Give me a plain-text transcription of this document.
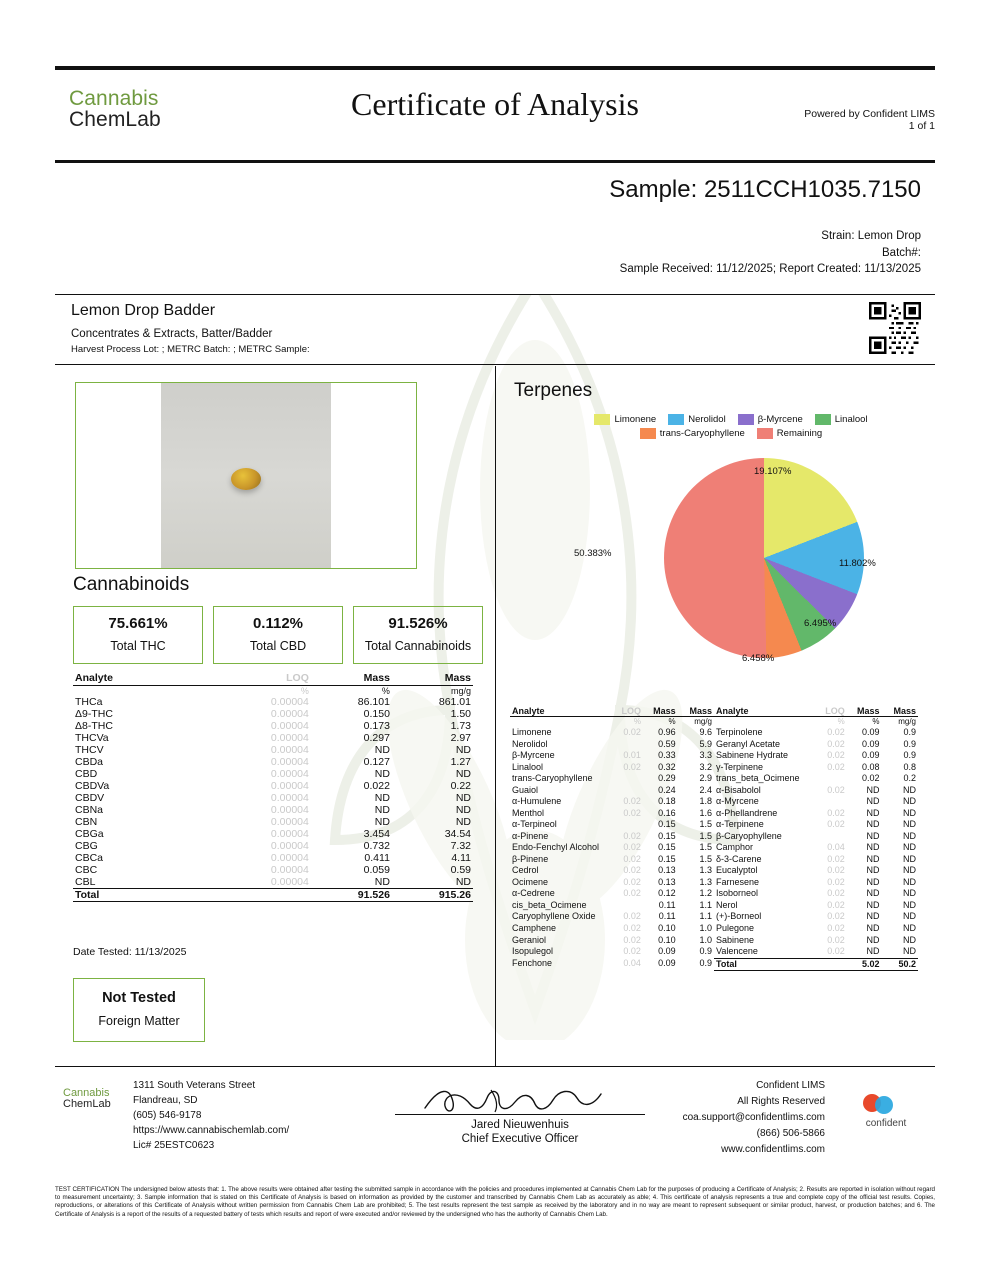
Cannabis
ChemLab	Certificate of Analysis	Powered by Confident LIMS
1 of 1
Sample: 2511CCH1035.7150
Strain: Lemon Drop
Batch#:
Sample Received: 11/12/2025; Report Created: 11/13/2025
Lemon Drop Badder
Concentrates & Extracts, Batter/Badder
Harvest Process Lot: ; METRC Batch: ; METRC Sample:
Cannabinoids
75.661%
Total THC
0.112%
Total CBD
91.526%
Total Cannabinoids
Analyte	LOQ	Mass	Mass
	%	%	mg/g
THCa	0.00004	86.101	861.01
Δ9-THC	0.00004	0.150	1.50
Δ8-THC	0.00004	0.173	1.73
THCVa	0.00004	0.297	2.97
THCV	0.00004	ND	ND
CBDa	0.00004	0.127	1.27
CBD	0.00004	ND	ND
CBDVa	0.00004	0.022	0.22
CBDV	0.00004	ND	ND
CBNa	0.00004	ND	ND
CBN	0.00004	ND	ND
CBGa	0.00004	3.454	34.54
CBG	0.00004	0.732	7.32
CBCa	0.00004	0.411	4.11
CBC	0.00004	0.059	0.59
CBL	0.00004	ND	ND
Total		91.526	915.26
Date Tested: 11/13/2025
Not Tested
Foreign Matter
Terpenes
Limonene	Nerolidol	β-Myrcene	Linalool
trans-Caryophyllene	Remaining
19.107%
11.802%
6.495%
6.458%
50.383%
Analyte	LOQ	Mass	Mass
	%	%	mg/g
Limonene	0.02	0.96	9.6
Nerolidol		0.59	5.9
β-Myrcene	0.01	0.33	3.3
Linalool	0.02	0.32	3.2
trans-Caryophyllene		0.29	2.9
Guaiol		0.24	2.4
α-Humulene	0.02	0.18	1.8
Menthol	0.02	0.16	1.6
α-Terpineol		0.15	1.5
α-Pinene	0.02	0.15	1.5
Endo-Fenchyl Alcohol	0.02	0.15	1.5
β-Pinene	0.02	0.15	1.5
Cedrol	0.02	0.13	1.3
Ocimene	0.02	0.13	1.3
α-Cedrene	0.02	0.12	1.2
cis_beta_Ocimene		0.11	1.1
Caryophyllene Oxide	0.02	0.11	1.1
Camphene	0.02	0.10	1.0
Geraniol	0.02	0.10	1.0
Isopulegol	0.02	0.09	0.9
Fenchone	0.04	0.09	0.9
Analyte	LOQ	Mass	Mass
	%	%	mg/g
Terpinolene	0.02	0.09	0.9
Geranyl Acetate	0.02	0.09	0.9
Sabinene Hydrate	0.02	0.09	0.9
γ-Terpinene	0.02	0.08	0.8
trans_beta_Ocimene		0.02	0.2
α-Bisabolol	0.02	ND	ND
α-Myrcene		ND	ND
α-Phellandrene	0.02	ND	ND
α-Terpinene	0.02	ND	ND
β-Caryophyllene		ND	ND
Camphor	0.04	ND	ND
δ-3-Carene	0.02	ND	ND
Eucalyptol	0.02	ND	ND
Farnesene	0.02	ND	ND
Isoborneol	0.02	ND	ND
Nerol	0.02	ND	ND
(+)-Borneol	0.02	ND	ND
Pulegone	0.02	ND	ND
Sabinene	0.02	ND	ND
Valencene	0.02	ND	ND
Total		5.02	50.2
Cannabis
ChemLab
1311 South Veterans Street
Flandreau, SD
(605) 546-9178
https://www.cannabischemlab.com/
Lic# 25ESTC0623
Jared Nieuwenhuis
Chief Executive Officer
Confident LIMS
All Rights Reserved
coa.support@confidentlims.com
(866) 506-5866
www.confidentlims.com
confident
TEST CERTIFICATION The undersigned below attests that: 1. The above results were obtained after testing the submitted sample in accordance with the policies and procedures implemented at Cannabis Chem Lab for the purposes of producing a Certificate of Analysis; 2. Results are reported in isolation without regard to measurement uncertainty; 3. Sample information that is stated on this Certificate of Analysis is based on information as provided by the customer and transcribed by Cannabis Chem Lab as accurately as able; 4. This certificate of analysis represents a true and complete copy of the official test results. Copies, reproductions, or alterations of this Certificate of Analysis without written permission from Cannabis Chem Lab are prohibited; 5. The test results represent the test sample as received by the laboratory and in no way are meant to represent subsequent or similar product, harvest, or production batches; and 6. The Certificate of Analysis is a report of the results of a requested battery of tests which results and report of were executed and/or reviewed by the undersigned who has the authority of Cannabis Chem Lab.
